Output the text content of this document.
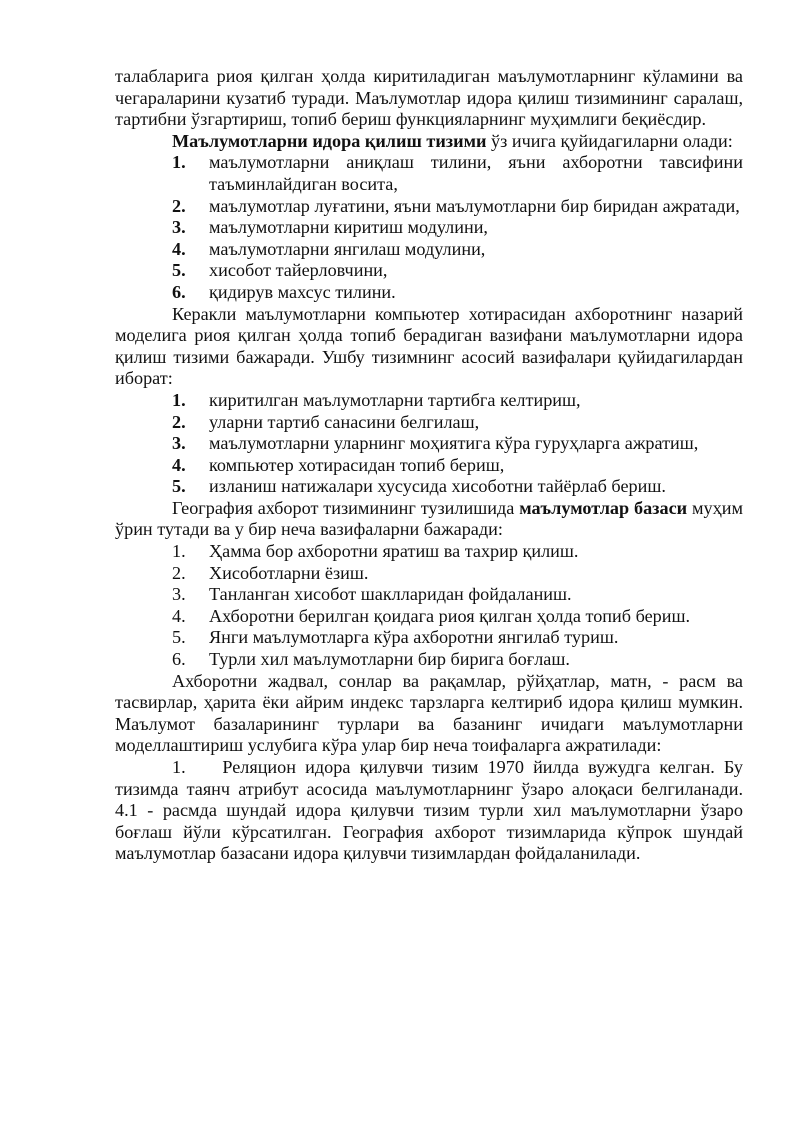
талабларига риоя қилган ҳолда киритиладиган маълумотларнинг кўламини ва чегараларини кузатиб туради. Маълумотлар идора қилиш тизимининг саралаш, тартибни ўзгартириш, топиб бериш функцияларнинг муҳимлиги беқиёсдир.

Маълумотларни идора қилиш тизими ўз ичига қуйидагиларни олади:

1.	маълумотларни аниқлаш тилини, яъни ахборотни тавсифини таъминлайдиган восита,

2.	маълумотлар луғатини, яъни маълумотларни бир биридан ажратади,

3.	маълумотларни киритиш модулини,

4.	маълумотларни янгилаш модулини,

5.	хисобот тайерловчини,

6.	қидирув махсус тилини.

Керакли маълумотларни компьютер хотирасидан ахборотнинг назарий моделига риоя қилган ҳолда топиб берадиган вазифани маълумотларни идора қилиш тизими бажаради. Ушбу тизимнинг асосий вазифалари қуйидагилардан иборат:

1.	киритилган маълумотларни тартибга келтириш,

2.	уларни тартиб санасини белгилаш,

3.	маълумотларни уларнинг моҳиятига кўра гуруҳларга ажратиш,

4.	компьютер хотирасидан топиб бериш,

5.	изланиш натижалари хусусида хисоботни тайёрлаб бериш.

География ахборот тизимининг тузилишида маълумотлар базаси муҳим ўрин тутади ва у бир неча вазифаларни бажаради:

1.	Ҳамма бор ахборотни яратиш ва тахрир қилиш.

2.	Хисоботларни ёзиш.

3.	Танланган хисобот шаклларидан фойдаланиш.

4.	Ахборотни берилган қоидага риоя қилган ҳолда топиб бериш.

5.	Янги маълумотларга кўра ахборотни янгилаб туриш.

6.	Турли хил маълумотларни бир бирига боғлаш.

Ахборотни жадвал, сонлар ва рақамлар, рўйҳатлар, матн, - расм ва тасвирлар, ҳарита ёки айрим индекс тарзларга келтириб идора қилиш мумкин. Маълумот базаларининг турлари ва базанинг ичидаги маълумотларни моделлаштириш услубига кўра улар бир неча тоифаларга ажратилади:

1. Реляцион идора қилувчи тизим 1970 йилда вужудга келган. Бу тизимда таянч атрибут асосида маълумотларнинг ўзаро алоқаси белгиланади. 4.1 - расмда шундай идора қилувчи тизим турли хил маълумотларни ўзаро боғлаш йўли кўрсатилган. География ахборот тизимларида кўпрок шундай маълумотлар базасани идора қилувчи тизимлардан фойдаланилади.
